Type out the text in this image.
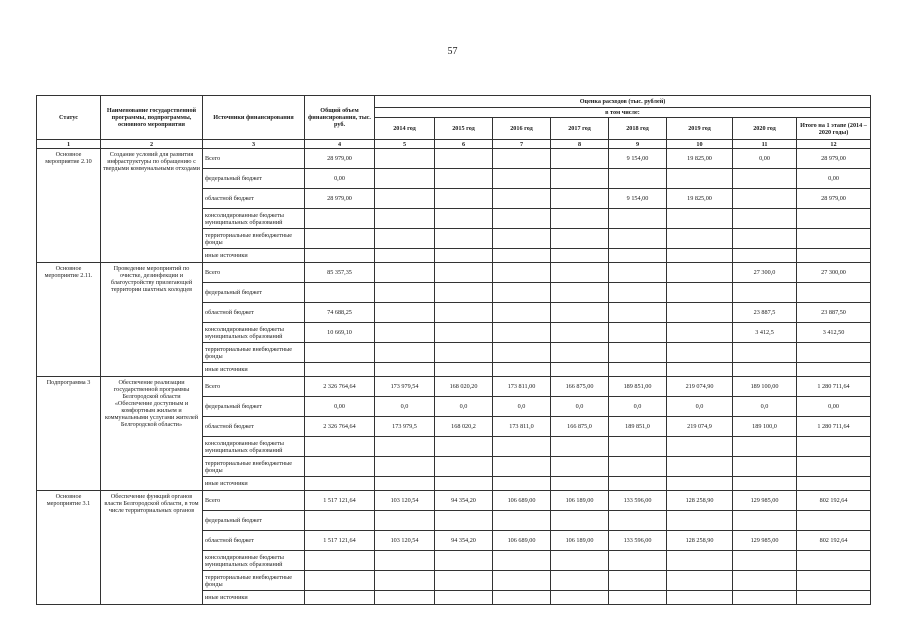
57
Статус	Наименование государственной программы, подпрограммы, основного мероприятия	Источники финансирования	Общий объем финансирования, тыс. руб.	Оценка расходов (тыс. рублей)							
				в том числе:							
				2014 год	2015 год	2016 год	2017 год	2018 год	2019 год	2020 год	Итого на 1 этапе (2014 – 2020 годы)
1	2	3	4	5	6	7	8	9	10	11	12
Основное мероприятие 2.10	Создание условий для развития инфраструктуры по обращению с твердыми коммунальными отходами	Всего	28 979,00					9 154,00	19 825,00	0,00	28 979,00
		федеральный бюджет	0,00								0,00
		областной бюджет	28 979,00					9 154,00	19 825,00		28 979,00
		консолидированные бюджеты муниципальных образований									
		территориальные внебюджетные фонды									
		иные источники									
Основное мероприятие 2.11.	Проведение мероприятий по очистке, дезинфекции и благоустройству прилегающей территории шахтных колодцев	Всего	85 357,35							27 300,0	27 300,00
		федеральный бюджет									
		областной бюджет	74 688,25							23 887,5	23 887,50
		консолидированные бюджеты муниципальных образований	10 669,10							3 412,5	3 412,50
		территориальные внебюджетные фонды									
		иные источники									
Подпрограмма 3	Обеспечение реализации государственной программы Белгородской области «Обеспечение доступным и комфортным жильем и коммунальными услугами жителей Белгородской области»	Всего	2 326 764,64	173 979,54	168 020,20	173 811,00	166 875,00	189 851,00	219 074,90	189 100,00	1 280 711,64
		федеральный бюджет	0,00	0,0	0,0	0,0	0,0	0,0	0,0	0,0	0,00
		областной бюджет	2 326 764,64	173 979,5	168 020,2	173 811,0	166 875,0	189 851,0	219 074,9	189 100,0	1 280 711,64
		консолидированные бюджеты муниципальных образований									
		территориальные внебюджетные фонды									
		иные источники									
Основное мероприятие 3.1	Обеспечение функций органов власти Белгородской области, в том числе территориальных органов	Всего	1 517 121,64	103 120,54	94 354,20	106 689,00	106 189,00	133 596,00	128 258,90	129 985,00	802 192,64
		федеральный бюджет									
		областной бюджет	1 517 121,64	103 120,54	94 354,20	106 689,00	106 189,00	133 596,00	128 258,90	129 985,00	802 192,64
		консолидированные бюджеты муниципальных образований									
		территориальные внебюджетные фонды									
		иные источники									
